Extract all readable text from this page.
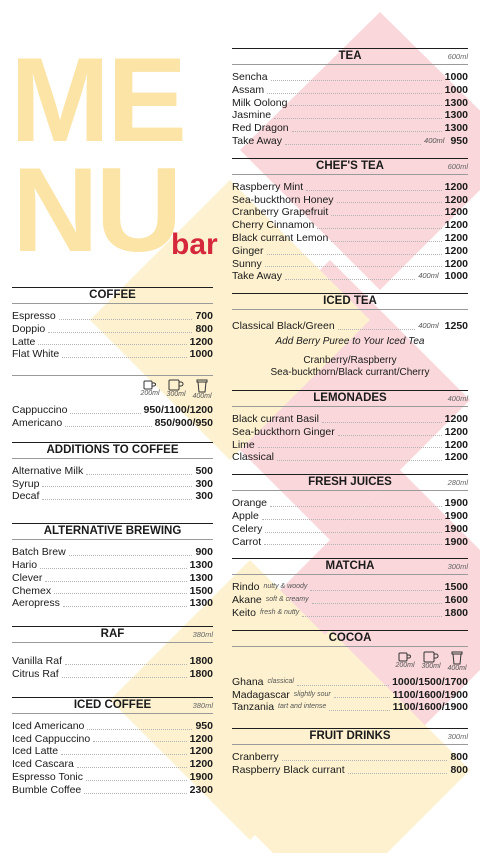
ME
NU
bar
COFFEE
Espresso	700
Doppio	800
Latte	1200
Flat White	1000
200ml 300ml 400ml
Cappuccino	950/1100/1200
Americano	850/900/950
ADDITIONS TO COFFEE
Alternative Milk	500
Syrup	300
Decaf	300
ALTERNATIVE BREWING
Batch Brew	900
Hario	1300
Clever	1300
Chemex	1500
Aeropress	1300
RAF	380ml
Vanilla Raf	1800
Citrus Raf	1800
ICED COFFEE	380ml
Iced Americano	950
Iced Cappuccino	1200
Iced Latte	1200
Iced Cascara	1200
Espresso Tonic	1900
Bumble Coffee	2300
TEA	600ml
Sencha	1000
Assam	1000
Milk Oolong	1300
Jasmine	1300
Red Dragon	1300
Take Away	400ml 950
CHEF'S TEA	600ml
Raspberry Mint	1200
Sea-buckthorn Honey	1200
Cranberry Grapefruit	1200
Cherry Cinnamon	1200
Black currant Lemon	1200
Ginger	1200
Sunny	1200
Take Away	400ml 1000
ICED TEA
Classical Black/Green	400ml 1250
Add Berry Puree to Your Iced Tea
Cranberry/Raspberry
Sea-buckthorn/Black currant/Cherry
LEMONADES	400ml
Black currant Basil	1200
Sea-buckthorn Ginger	1200
Lime	1200
Classical	1200
FRESH JUICES	280ml
Orange	1900
Apple	1900
Celery	1900
Carrot	1900
MATCHA	300ml
Rindo nutty & woody	1500
Akane soft & creamy	1600
Keito fresh & nutty	1800
COCOA
200ml 300ml 400ml
Ghana classical	1000/1500/1700
Madagascar slightly sour	1100/1600/1900
Tanzania tart and intense	1100/1600/1900
FRUIT DRINKS	300ml
Cranberry	800
Raspberry Black currant	800
